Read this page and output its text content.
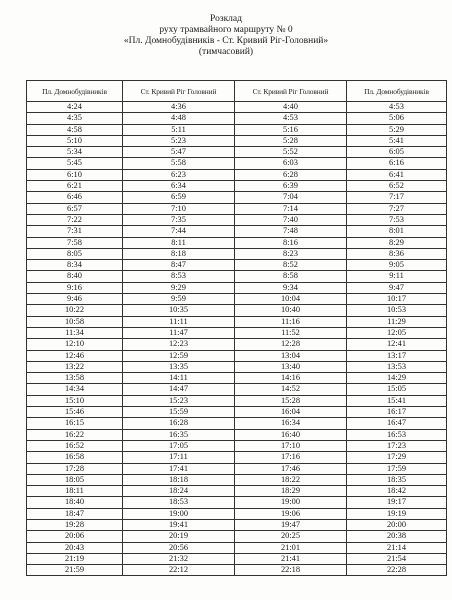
Розклад
руху трамвайного маршруту № 0
«Пл. Домнобудівників - Ст. Кривий Ріг-Головний»
(тимчасовий)
Пл. Домнобудівників	Ст. Кривий Ріг Головний	Ст. Кривий Ріг Головний	Пл. Домнобудівників
4:24	4:36	4:40	4:53
4:35	4:48	4:53	5:06
4:58	5:11	5:16	5:29
5:10	5:23	5:28	5:41
5:34	5:47	5:52	6:05
5:45	5:58	6:03	6:16
6:10	6:23	6:28	6:41
6:21	6:34	6:39	6:52
6:46	6:59	7:04	7:17
6:57	7:10	7:14	7:27
7:22	7:35	7:40	7:53
7:31	7:44	7:48	8:01
7:58	8:11	8:16	8:29
8:05	8:18	8:23	8:36
8:34	8:47	8:52	9:05
8:40	8:53	8:58	9:11
9:16	9:29	9:34	9:47
9:46	9:59	10:04	10:17
10:22	10:35	10:40	10:53
10:58	11:11	11:16	11:29
11:34	11:47	11:52	12:05
12:10	12:23	12:28	12:41
12:46	12:59	13:04	13:17
13:22	13:35	13:40	13:53
13:58	14:11	14:16	14:29
14:34	14:47	14:52	15:05
15:10	15:23	15:28	15:41
15:46	15:59	16:04	16:17
16:15	16:28	16:34	16:47
16:22	16:35	16:40	16:53
16:52	17:05	17:10	17:23
16:58	17:11	17:16	17:29
17:28	17:41	17:46	17:59
18:05	18:18	18:22	18:35
18:11	18:24	18:29	18:42
18:40	18:53	19:00	19:17
18:47	19:00	19:06	19:19
19:28	19:41	19:47	20:00
20:06	20:19	20:25	20:38
20:43	20:56	21:01	21:14
21:19	21:32	21:41	21:54
21:59	22:12	22:18	22:28
